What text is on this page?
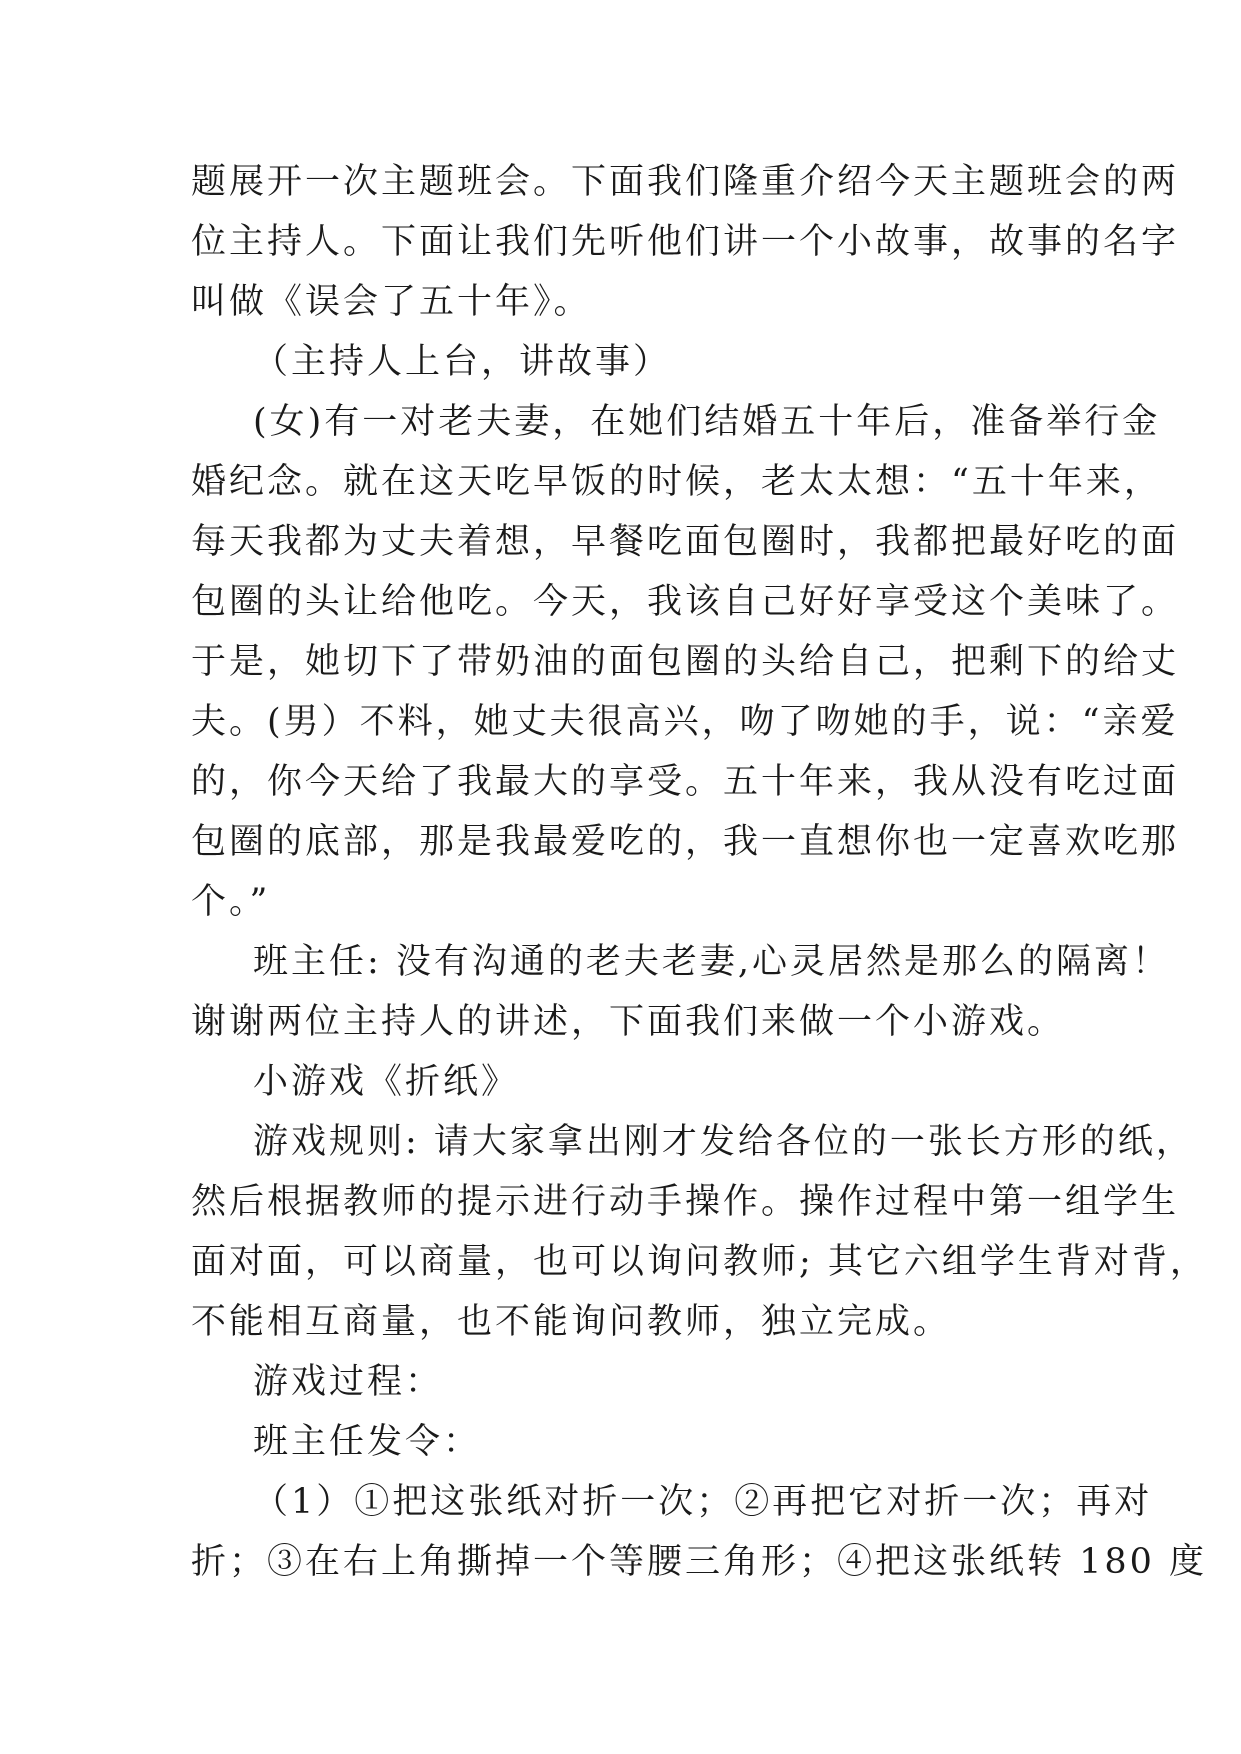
题展开一次主题班会。下面我们隆重介绍今天主题班会的两
位主持人。下面让我们先听他们讲一个小故事，故事的名字
叫做《误会了五十年》。
（主持人上台，讲故事）
(女)有一对老夫妻，在她们结婚五十年后，准备举行金
婚纪念。就在这天吃早饭的时候，老太太想：“五十年来，
每天我都为丈夫着想，早餐吃面包圈时，我都把最好吃的面
包圈的头让给他吃。今天，我该自己好好享受这个美味了。
于是，她切下了带奶油的面包圈的头给自己，把剩下的给丈
夫。(男）不料，她丈夫很高兴，吻了吻她的手，说：“亲爱
的，你今天给了我最大的享受。五十年来，我从没有吃过面
包圈的底部，那是我最爱吃的，我一直想你也一定喜欢吃那
个。”
班主任: 没有沟通的老夫老妻,心灵居然是那么的隔离！
谢谢两位主持人的讲述，下面我们来做一个小游戏。
小游戏《折纸》
游戏规则: 请大家拿出刚才发给各位的一张长方形的纸，
然后根据教师的提示进行动手操作。操作过程中第一组学生
面对面，可以商量，也可以询问教师; 其它六组学生背对背，
不能相互商量，也不能询问教师，独立完成。
游戏过程：
班主任发令：
（1）①把这张纸对折一次；②再把它对折一次；再对
折；③在右上角撕掉一个等腰三角形；④把这张纸转 180 度
